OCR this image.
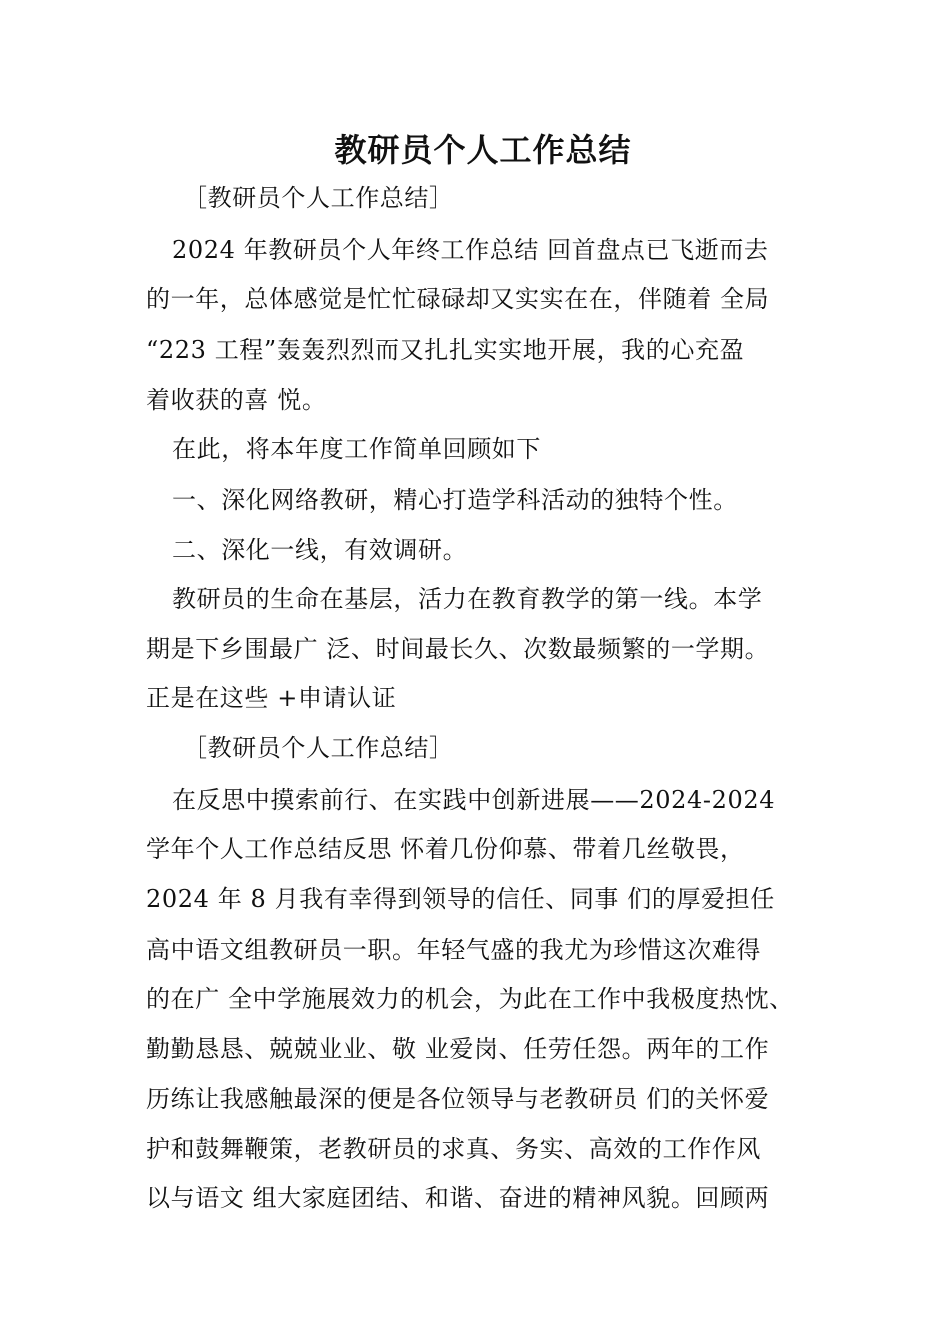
教研员个人工作总结
［教研员个人工作总结］
2024 年教研员个人年终工作总结 回首盘点已飞逝而去
的一年，总体感觉是忙忙碌碌却又实实在在，伴随着 全局
“223 工程”轰轰烈烈而又扎扎实实地开展，我的心充盈
着收获的喜 悦。
在此，将本年度工作简单回顾如下
一、深化网络教研，精心打造学科活动的独特个性。
二、深化一线，有效调研。
教研员的生命在基层，活力在教育教学的第一线。本学
期是下乡围最广 泛、时间最长久、次数最频繁的一学期。
正是在这些 +申请认证
［教研员个人工作总结］
在反思中摸索前行、在实践中创新进展——2024-2024
学年个人工作总结反思 怀着几份仰慕、带着几丝敬畏，
2024 年 8 月我有幸得到领导的信任、同事 们的厚爱担任
高中语文组教研员一职。年轻气盛的我尤为珍惜这次难得
的在广 全中学施展效力的机会，为此在工作中我极度热忱、
勤勤恳恳、兢兢业业、敬 业爱岗、任劳任怨。两年的工作
历练让我感触最深的便是各位领导与老教研员 们的关怀爱
护和鼓舞鞭策，老教研员的求真、务实、高效的工作作风
以与语文 组大家庭团结、和谐、奋进的精神风貌。回顾两
